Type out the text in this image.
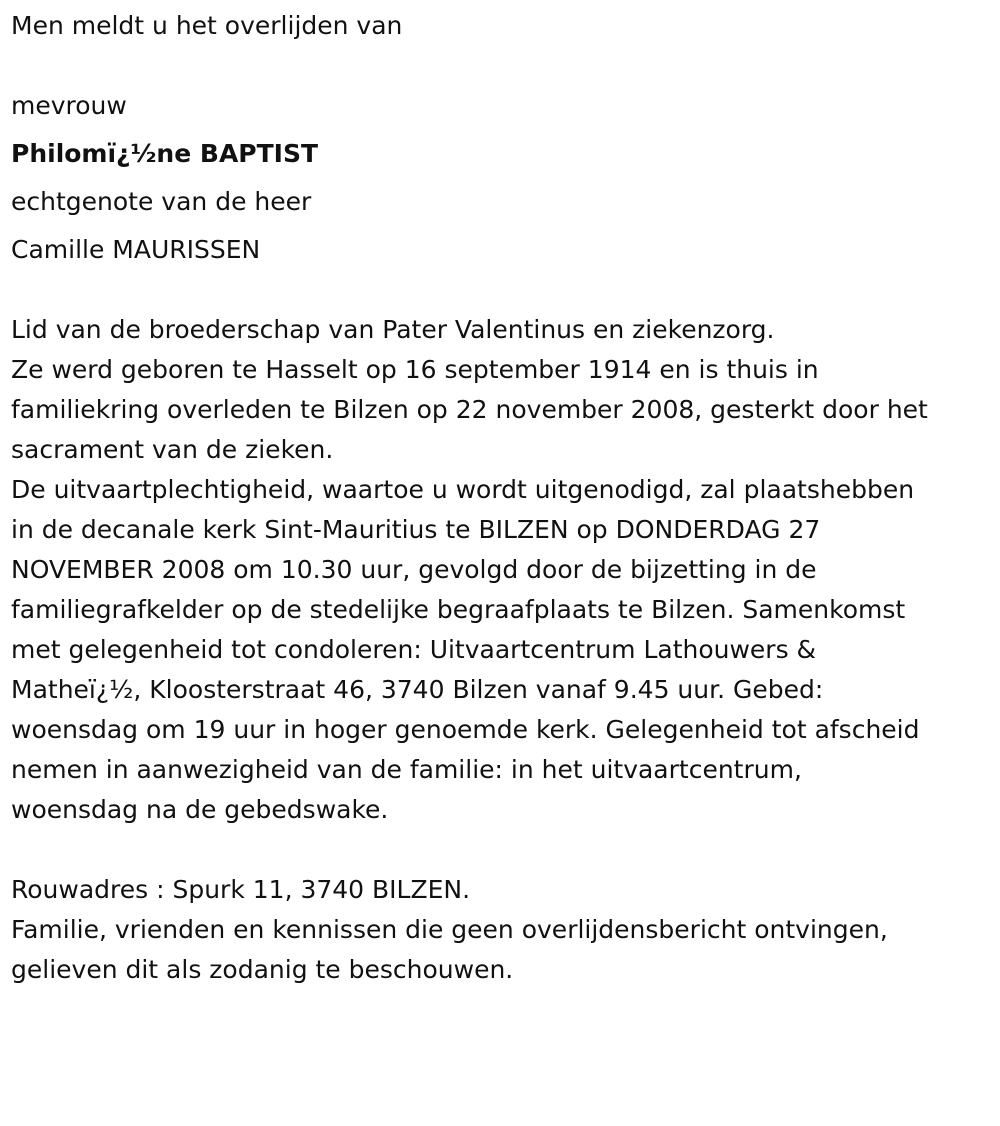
Men meldt u het overlijden van

mevrouw

Philomï¿½ne BAPTIST

echtgenote van de heer

Camille MAURISSEN

Lid van de broederschap van Pater Valentinus en ziekenzorg.

Ze werd geboren te Hasselt op 16 september 1914 en is thuis in

familiekring overleden te Bilzen op 22 november 2008, gesterkt door het

sacrament van de zieken.

De uitvaartplechtigheid, waartoe u wordt uitgenodigd, zal plaatshebben

in de decanale kerk Sint-Mauritius te BILZEN op DONDERDAG 27

NOVEMBER 2008 om 10.30 uur, gevolgd door de bijzetting in de

familiegrafkelder op de stedelijke begraafplaats te Bilzen. Samenkomst

met gelegenheid tot condoleren: Uitvaartcentrum Lathouwers &

Matheï¿½, Kloosterstraat 46, 3740 Bilzen vanaf 9.45 uur. Gebed:

woensdag om 19 uur in hoger genoemde kerk. Gelegenheid tot afscheid

nemen in aanwezigheid van de familie: in het uitvaartcentrum,

woensdag na de gebedswake.

Rouwadres : Spurk 11, 3740 BILZEN.

Familie, vrienden en kennissen die geen overlijdensbericht ontvingen,

gelieven dit als zodanig te beschouwen.
